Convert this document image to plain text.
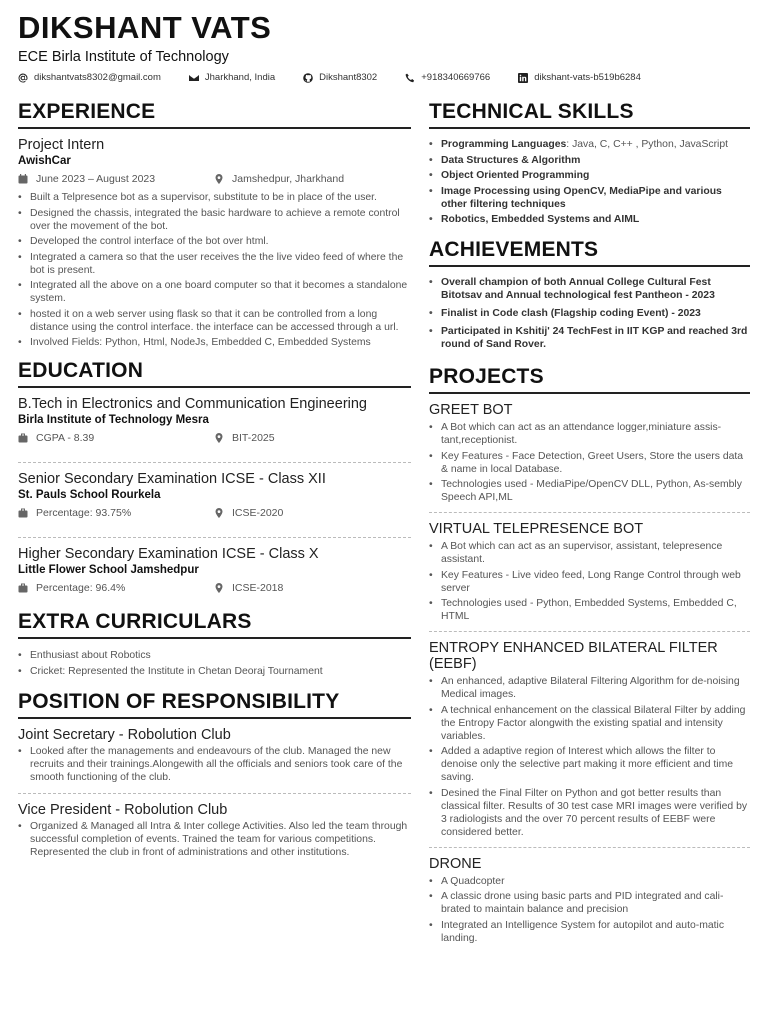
DIKSHANT VATS
ECE Birla Institute of Technology
dikshantvats8302@gmail.com	Jharkhand, India	Dikshant8302	+918340669766	dikshant-vats-b519b6284
EXPERIENCE
Project Intern
AwishCar
June 2023 – August 2023	Jamshedpur, Jharkhand
• Built a Telpresence bot as a supervisor, substitute to be in place of the user.
• Designed the chassis, integrated the basic hardware to achieve a remote control over the movement of the bot.
• Developed the control interface of the bot over html.
• Integrated a camera so that the user receives the the live video feed of where the bot is present.
• Integrated all the above on a one board computer so that it becomes a standalone system.
• hosted it on a web server using flask so that it can be controlled from a long distance using the control interface. the interface can be accessed through a url.
• Involved Fields: Python, Html, NodeJs, Embedded C, Embedded Systems
EDUCATION
B.Tech in Electronics and Communication Engineering
Birla Institute of Technology Mesra
CGPA - 8.39	BIT-2025
Senior Secondary Examination ICSE - Class XII
St. Pauls School Rourkela
Percentage: 93.75%	ICSE-2020
Higher Secondary Examination ICSE - Class X
Little Flower School Jamshedpur
Percentage: 96.4%	ICSE-2018
EXTRA CURRICULARS
• Enthusiast about Robotics
• Cricket: Represented the Institute in Chetan Deoraj Tournament
POSITION OF RESPONSIBILITY
Joint Secretary - Robolution Club
• Looked after the managements and endeavours of the club. Managed the new recruits and their trainings.Alongewith all the officials and seniors took care of the smooth functioning of the club.
Vice President - Robolution Club
• Organized & Managed all Intra & Inter college Activities. Also led the team through successful completion of events. Trained the team for various competitions. Represented the club in front of administrations and other institutions.
TECHNICAL SKILLS
• Programming Languages: Java, C, C++ , Python, JavaScript
• Data Structures & Algorithm
• Object Oriented Programming
• Image Processing using OpenCV, MediaPipe and various other filtering techniques
• Robotics, Embedded Systems and AIML
ACHIEVEMENTS
• Overall champion of both Annual College Cultural Fest Bitotsav and Annual technological fest Pantheon - 2023
• Finalist in Code clash (Flagship coding Event) - 2023
• Participated in Kshitij' 24 TechFest in IIT KGP and reached 3rd round of Sand Rover.
PROJECTS
GREET BOT
• A Bot which can act as an attendance logger,miniature assis-tant,receptionist.
• Key Features - Face Detection, Greet Users, Store the users data & name in local Database.
• Technologies used - MediaPipe/OpenCV DLL, Python, As-sembly Speech API,ML
VIRTUAL TELEPRESENCE BOT
• A Bot which can act as an supervisor, assistant, telepresence assistant.
• Key Features - Live video feed, Long Range Control through web server
• Technologies used - Python, Embedded Systems, Embedded C, HTML
ENTROPY ENHANCED BILATERAL FILTER (EEBF)
• An enhanced, adaptive Bilateral Filtering Algorithm for de-noising Medical images.
• A technical enhancement on the classical Bilateral Filter by adding the Entropy Factor alongwith the existing spatial and intensity variables.
• Added a adaptive region of Interest which allows the filter to denoise only the selective part making it more efficient and time saving.
• Desined the Final Filter on Python and got better results than classical filter. Results of 30 test case MRI images were verified by 3 radiologists and the over 70 percent results of EEBF were considered better.
DRONE
• A Quadcopter
• A classic drone using basic parts and PID integrated and cali-brated to maintain balance and precision
• Integrated an Intelligence System for autopilot and auto-matic landing.
